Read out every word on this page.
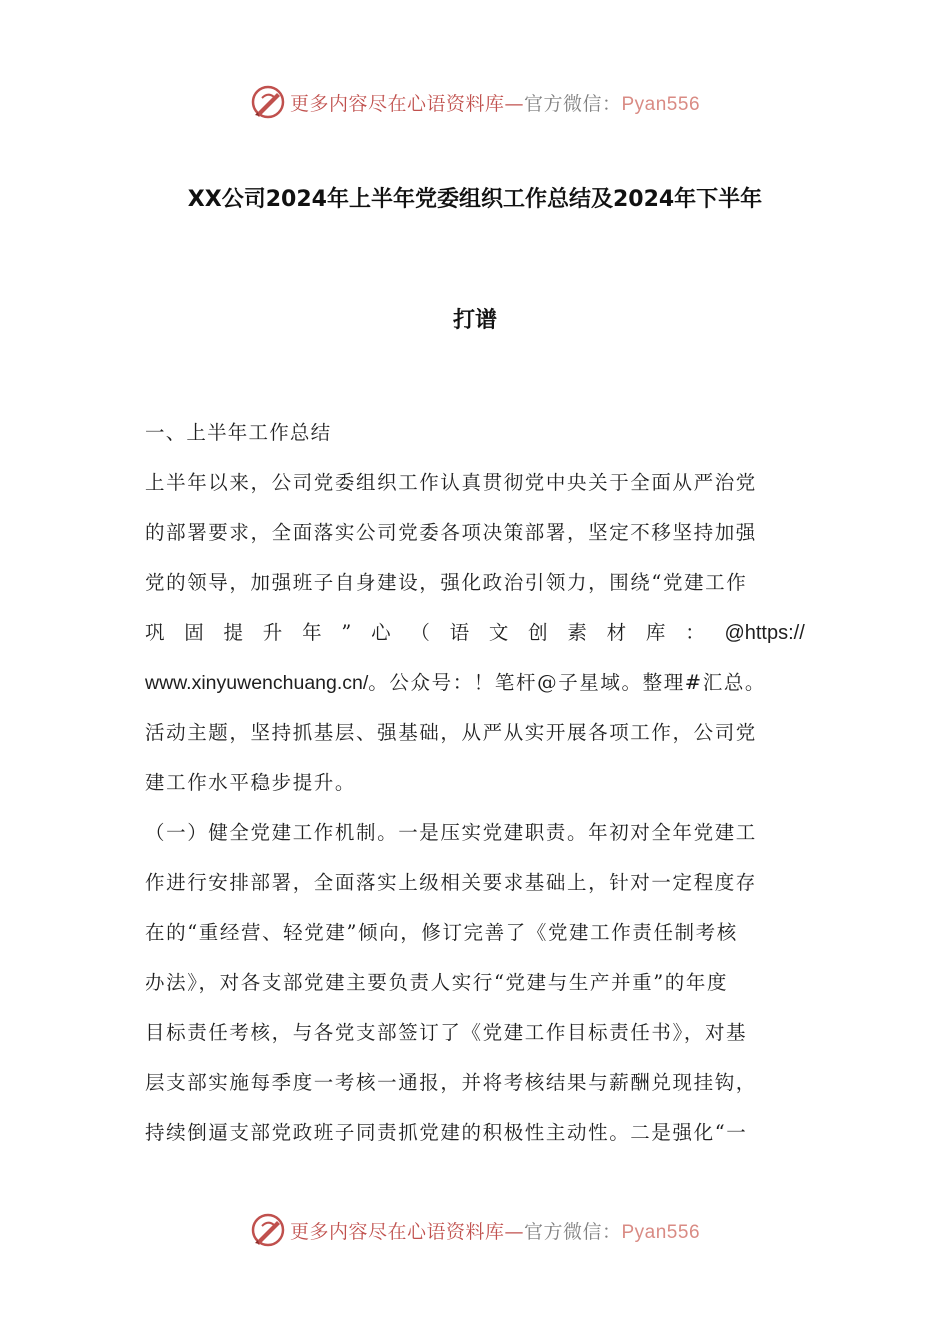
更多内容尽在心语资料库—官方微信：Pyan556
XX公司2024年上半年党委组织工作总结及2024年下半年
打谱
一、上半年工作总结
上半年以来，公司党委组织工作认真贯彻党中央关于全面从严治党
的部署要求，全面落实公司党委各项决策部署，坚定不移坚持加强
党的领导，加强班子自身建设，强化政治引领力，围绕“党建工作
巩 固 提 升 年 ” 心 （ 语 文 创 素 材 库 ： @https://
www.xinyuwenchuang.cn/。公众号：！笔杆@子星域。整理#汇总。
活动主题，坚持抓基层、强基础，从严从实开展各项工作，公司党
建工作水平稳步提升。
（一）健全党建工作机制。一是压实党建职责。年初对全年党建工
作进行安排部署，全面落实上级相关要求基础上，针对一定程度存
在的“重经营、轻党建”倾向，修订完善了《党建工作责任制考核
办法》，对各支部党建主要负责人实行“党建与生产并重”的年度
目标责任考核，与各党支部签订了《党建工作目标责任书》，对基
层支部实施每季度一考核一通报，并将考核结果与薪酬兑现挂钩，
持续倒逼支部党政班子同责抓党建的积极性主动性。二是强化“一
更多内容尽在心语资料库—官方微信：Pyan556
